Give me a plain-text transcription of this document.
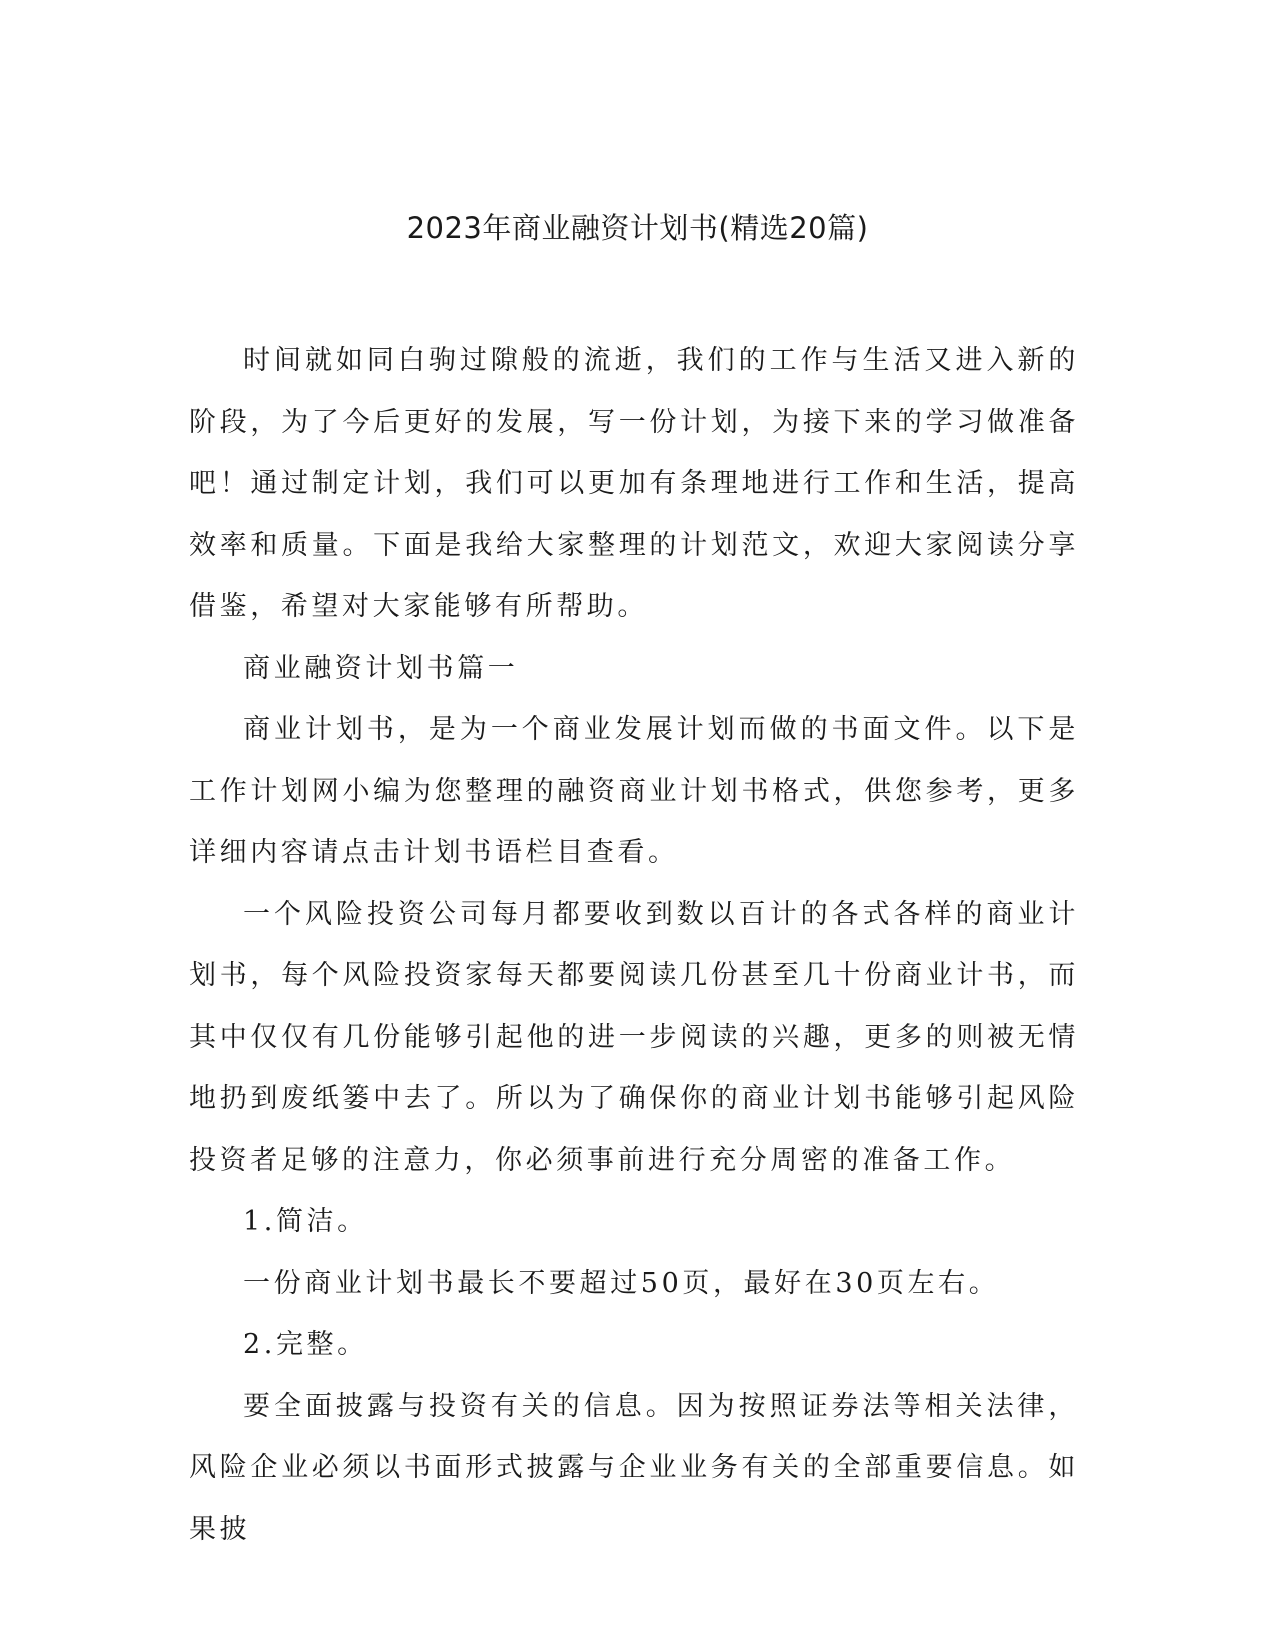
2023年商业融资计划书(精选20篇)

时间就如同白驹过隙般的流逝，我们的工作与生活又进入新的阶段，为了今后更好的发展，写一份计划，为接下来的学习做准备吧！通过制定计划，我们可以更加有条理地进行工作和生活，提高效率和质量。下面是我给大家整理的计划范文，欢迎大家阅读分享借鉴，希望对大家能够有所帮助。

商业融资计划书篇一

商业计划书，是为一个商业发展计划而做的书面文件。以下是工作计划网小编为您整理的融资商业计划书格式，供您参考，更多详细内容请点击计划书语栏目查看。

一个风险投资公司每月都要收到数以百计的各式各样的商业计划书，每个风险投资家每天都要阅读几份甚至几十份商业计书，而其中仅仅有几份能够引起他的进一步阅读的兴趣，更多的则被无情地扔到废纸篓中去了。所以为了确保你的商业计划书能够引起风险投资者足够的注意力，你必须事前进行充分周密的准备工作。

1.简洁。

一份商业计划书最长不要超过50页，最好在30页左右。

2.完整。

要全面披露与投资有关的信息。因为按照证券法等相关法律，风险企业必须以书面形式披露与企业业务有关的全部重要信息。如果披
